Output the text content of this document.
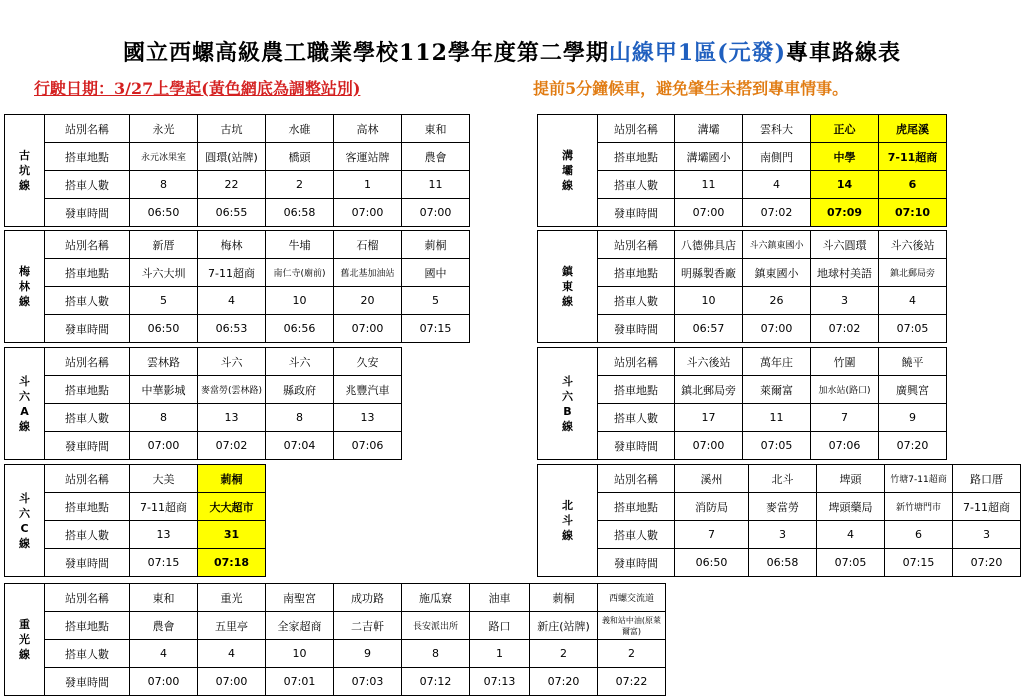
國立西螺高級農工職業學校112學年度第二學期山線甲1區(元發)專車路線表
行駛日期：3/27上學起(黃色網底為調整站別)	提前5分鐘候車，避免肇生未搭到專車情事。
古
坑
線	站別名稱	永光	古坑	水碓	高林	東和
	搭車地點	永元冰果室	圓環(站牌)	橋頭	客運站牌	農會
	搭車人數	8	22	2	1	11
	發車時間	06:50	06:55	06:58	07:00	07:00
梅
林
線	站別名稱	新厝	梅林	牛埔	石榴	莿桐
	搭車地點	斗六大圳	7-11超商	南仁寺(廟前)	舊北基加油站	國中
	搭車人數	5	4	10	20	5
	發車時間	06:50	06:53	06:56	07:00	07:15
斗
六
A
線	站別名稱	雲林路	斗六	斗六	久安
	搭車地點	中華影城	麥當勞(雲林路)	縣政府	兆豐汽車
	搭車人數	8	13	8	13
	發車時間	07:00	07:02	07:04	07:06
斗
六
C
線	站別名稱	大美	莿桐
	搭車地點	7-11超商	大大超市
	搭車人數	13	31
	發車時間	07:15	07:18
重
光
線	站別名稱	東和	重光	南聖宮	成功路	施瓜寮	油車	莿桐	西螺交流道
	搭車地點	農會	五里亭	全家超商	二吉軒	長安派出所	路口	新庄(站牌)	義和站中油(原萊爾富)
	搭車人數	4	4	10	9	8	1	2	2
	發車時間	07:00	07:00	07:01	07:03	07:12	07:13	07:20	07:22
溝
壩
線	站別名稱	溝壩	雲科大	正心	虎尾溪
	搭車地點	溝壩國小	南側門	中學	7-11超商
	搭車人數	11	4	14	6
	發車時間	07:00	07:02	07:09	07:10
鎮
東
線	站別名稱	八德佛具店	斗六鎮東國小	斗六圓環	斗六後站
	搭車地點	明縣製香廠	鎮東國小	地球村美語	鎮北郵局旁
	搭車人數	10	26	3	4
	發車時間	06:57	07:00	07:02	07:05
斗
六
B
線	站別名稱	斗六後站	萬年庄	竹圍	饒平
	搭車地點	鎮北郵局旁	萊爾富	加水站(路口)	廣興宮
	搭車人數	17	11	7	9
	發車時間	07:00	07:05	07:06	07:20
北
斗
線	站別名稱	溪州	北斗	埤頭	竹塘7-11超商	路口厝
	搭車地點	消防局	麥當勞	埤頭藥局	新竹塘門市	7-11超商
	搭車人數	7	3	4	6	3
	發車時間	06:50	06:58	07:05	07:15	07:20
